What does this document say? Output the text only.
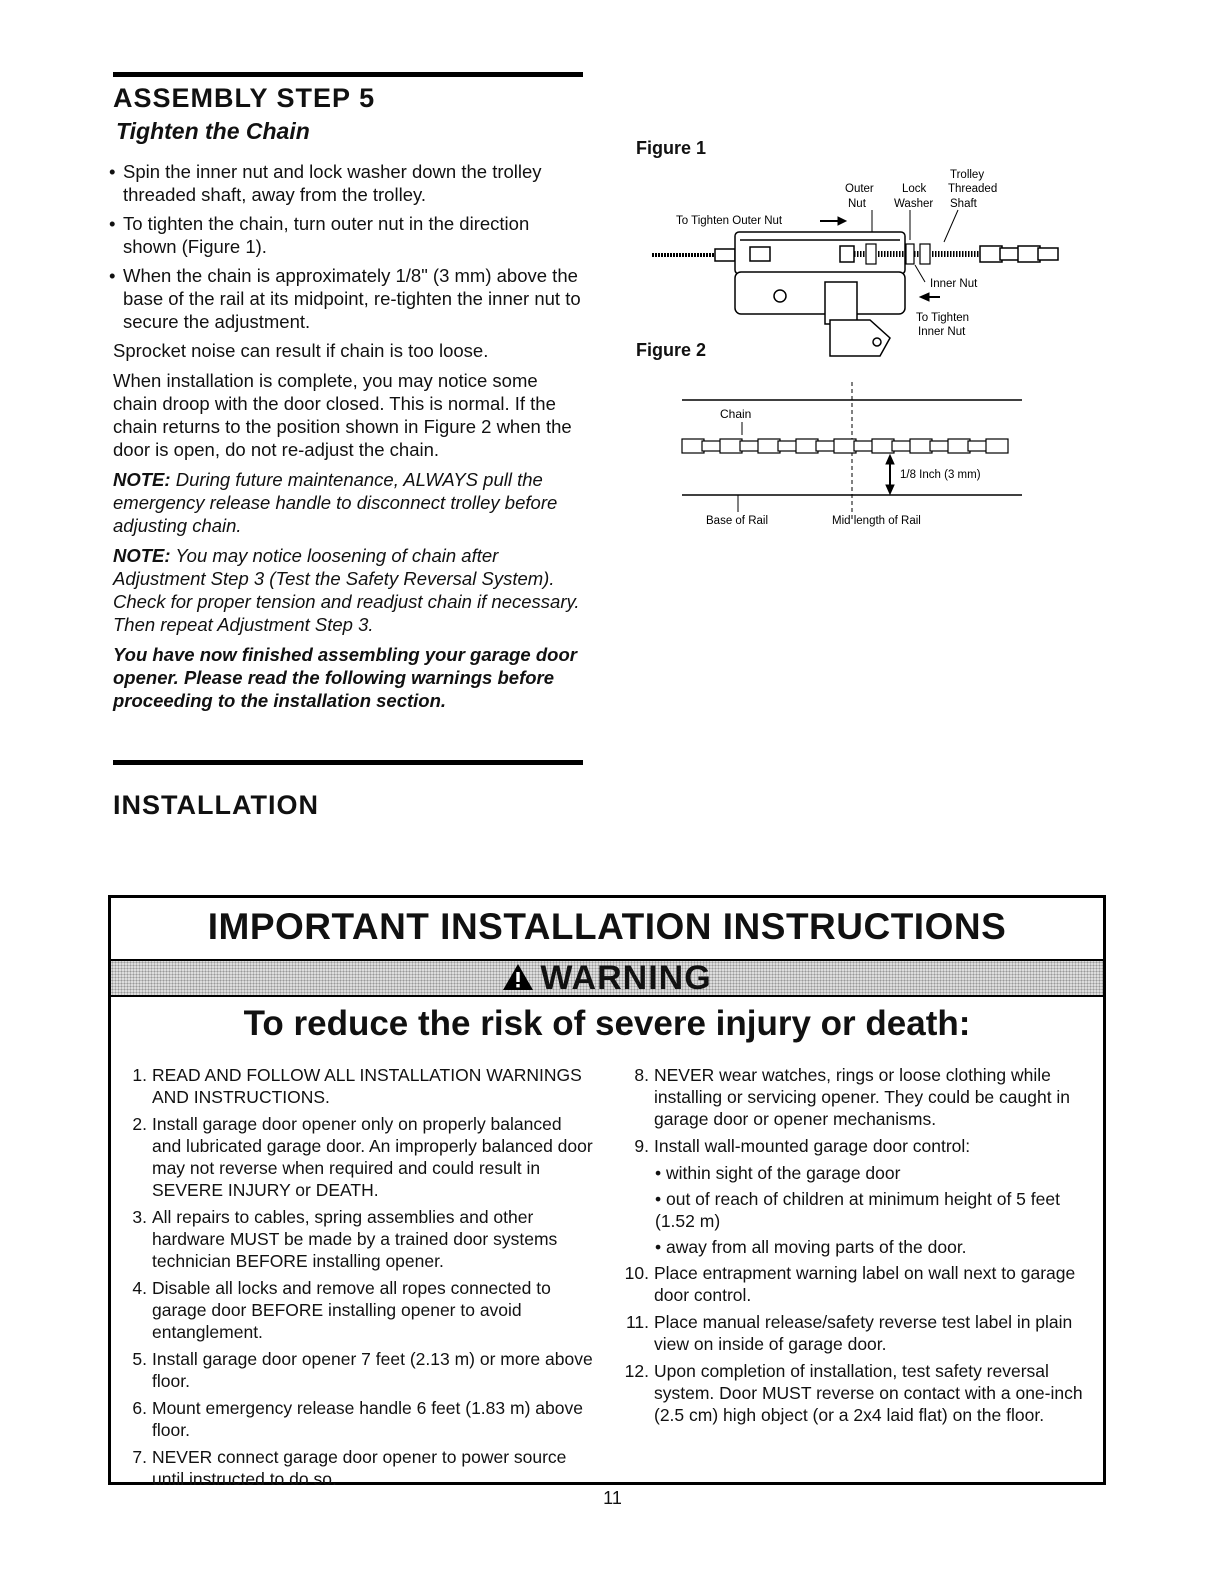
ASSEMBLY STEP 5
Tighten the Chain
• Spin the inner nut and lock washer down the trolley threaded shaft, away from the trolley.
• To tighten the chain, turn outer nut in the direction shown (Figure 1).
• When the chain is approximately 1/8" (3 mm) above the base of the rail at its midpoint, re-tighten the inner nut to secure the adjustment.

Sprocket noise can result if chain is too loose.

When installation is complete, you may notice some chain droop with the door closed. This is normal. If the chain returns to the position shown in Figure 2 when the door is open, do not re-adjust the chain.

NOTE: During future maintenance, ALWAYS pull the emergency release handle to disconnect trolley before adjusting chain.

NOTE: You may notice loosening of chain after Adjustment Step 3 (Test the Safety Reversal System). Check for proper tension and readjust chain if necessary. Then repeat Adjustment Step 3.

You have now finished assembling your garage door opener. Please read the following warnings before proceeding to the installation section.

Figure 1
Figure 2
Trolley
Threaded
Shaft
Outer
Nut
Lock
Washer
To Tighten Outer Nut
Inner Nut
To Tighten
Inner Nut
Chain
1/8 Inch (3 mm)
Base of Rail	Mid length of Rail
INSTALLATION
IMPORTANT INSTALLATION INSTRUCTIONS
WARNING
To reduce the risk of severe injury or death:
1. READ AND FOLLOW ALL INSTALLATION WARNINGS AND INSTRUCTIONS.
2. Install garage door opener only on properly balanced and lubricated garage door. An improperly balanced door may not reverse when required and could result in SEVERE INJURY or DEATH.
3. All repairs to cables, spring assemblies and other hardware MUST be made by a trained door systems technician BEFORE installing opener.
4. Disable all locks and remove all ropes connected to garage door BEFORE installing opener to avoid entanglement.
5. Install garage door opener 7 feet (2.13 m) or more above floor.
6. Mount emergency release handle 6 feet (1.83 m) above floor.
7. NEVER connect garage door opener to power source until instructed to do so.
8. NEVER wear watches, rings or loose clothing while installing or servicing opener. They could be caught in garage door or opener mechanisms.
9. Install wall-mounted garage door control:
• within sight of the garage door
• out of reach of children at minimum height of 5 feet (1.52 m)
• away from all moving parts of the door.
10. Place entrapment warning label on wall next to garage door control.
11. Place manual release/safety reverse test label in plain view on inside of garage door.
12. Upon completion of installation, test safety reversal system. Door MUST reverse on contact with a one-inch (2.5 cm) high object (or a 2x4 laid flat) on the floor.
11
